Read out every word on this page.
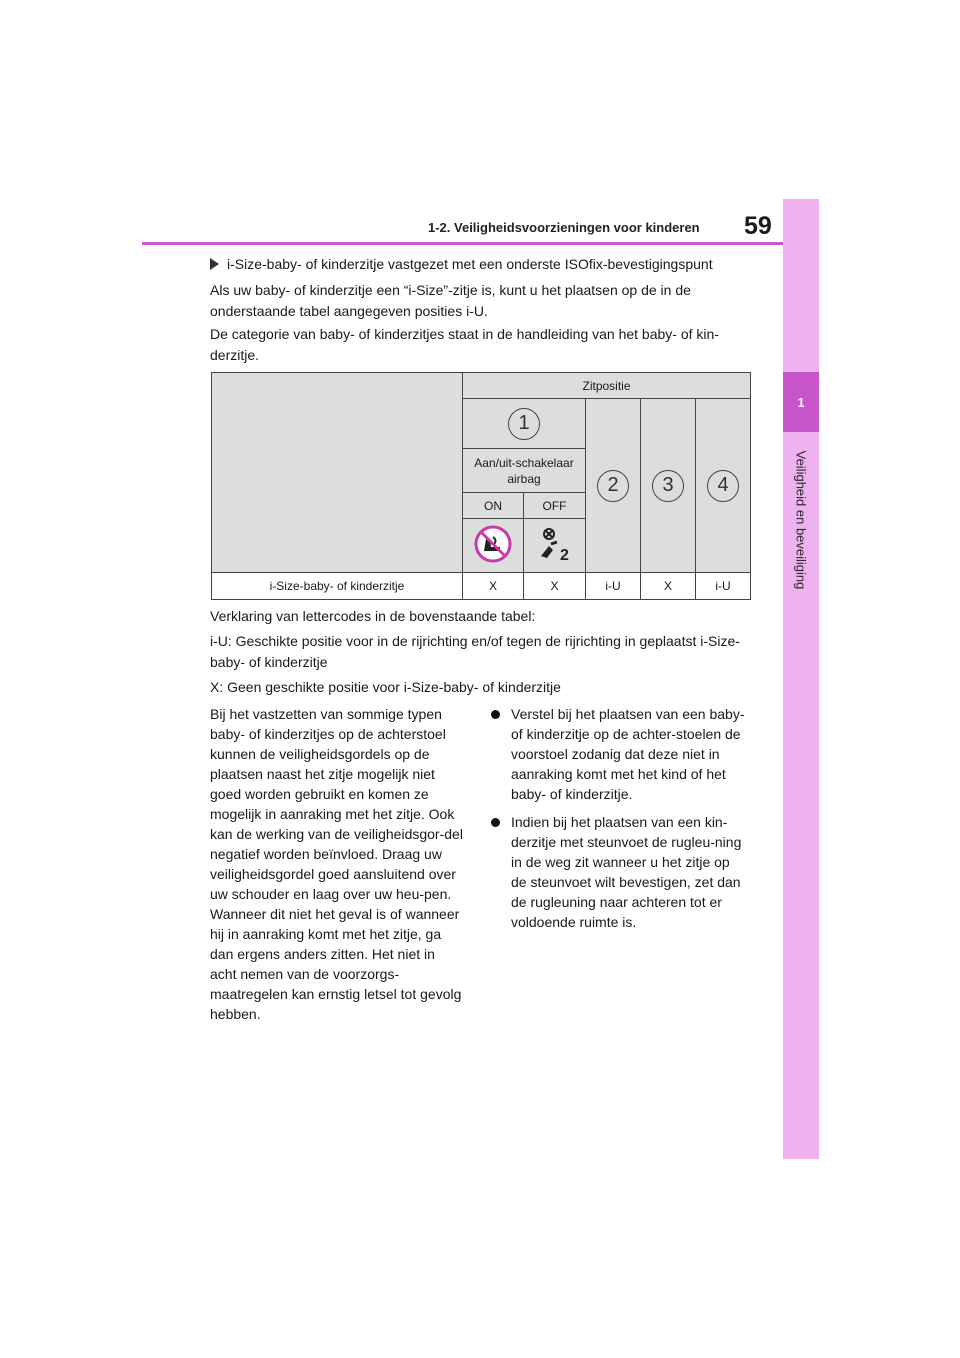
1
Veiligheid en beveiliging
59
1-2. Veiligheidsvoorzieningen voor kinderen
i-Size-baby- of kinderzitje vastgezet met een onderste ISOfix-bevestigingspunt
Als uw baby- of kinderzitje een “i-Size”-zitje is, kunt u het plaatsen op de in de onderstaande tabel aangegeven posities i-U.
De categorie van baby- of kinderzitjes staat in de handleiding van het baby- of kin-derzitje.
	Zitpositie				
	1		2	3	4
	Aan/uit-schakelaar airbag				
	ON	OFF			

2			

i-Size-baby- of kinderzitje	X	X	i-U	X	i-U
Verklaring van lettercodes in de bovenstaande tabel:
i-U: Geschikte positie voor in de rijrichting en/of tegen de rijrichting in geplaatst i-Size-baby- of kinderzitje
X: Geen geschikte positie voor i-Size-baby- of kinderzitje
Bij het vastzetten van sommige typen baby- of kinderzitjes op de achterstoel kunnen de veiligheidsgordels op de plaatsen naast het zitje mogelijk niet goed worden gebruikt en komen ze mogelijk in aanraking met het zitje. Ook kan de werking van de veiligheidsgor-del negatief worden beïnvloed. Draag uw veiligheidsgordel goed aansluitend over uw schouder en laag over uw heu-pen. Wanneer dit niet het geval is of wanneer hij in aanraking komt met het zitje, ga dan ergens anders zitten. Het niet in acht nemen van de voorzorgs-maatregelen kan ernstig letsel tot gevolg hebben.
Verstel bij het plaatsen van een baby- of kinderzitje op de achter-stoelen de voorstoel zodanig dat deze niet in aanraking komt met het kind of het baby- of kinderzitje.
Indien bij het plaatsen van een kin-derzitje met steunvoet de rugleu-ning in de weg zit wanneer u het zitje op de steunvoet wilt bevestigen, zet dan de rugleuning naar achteren tot er voldoende ruimte is.
